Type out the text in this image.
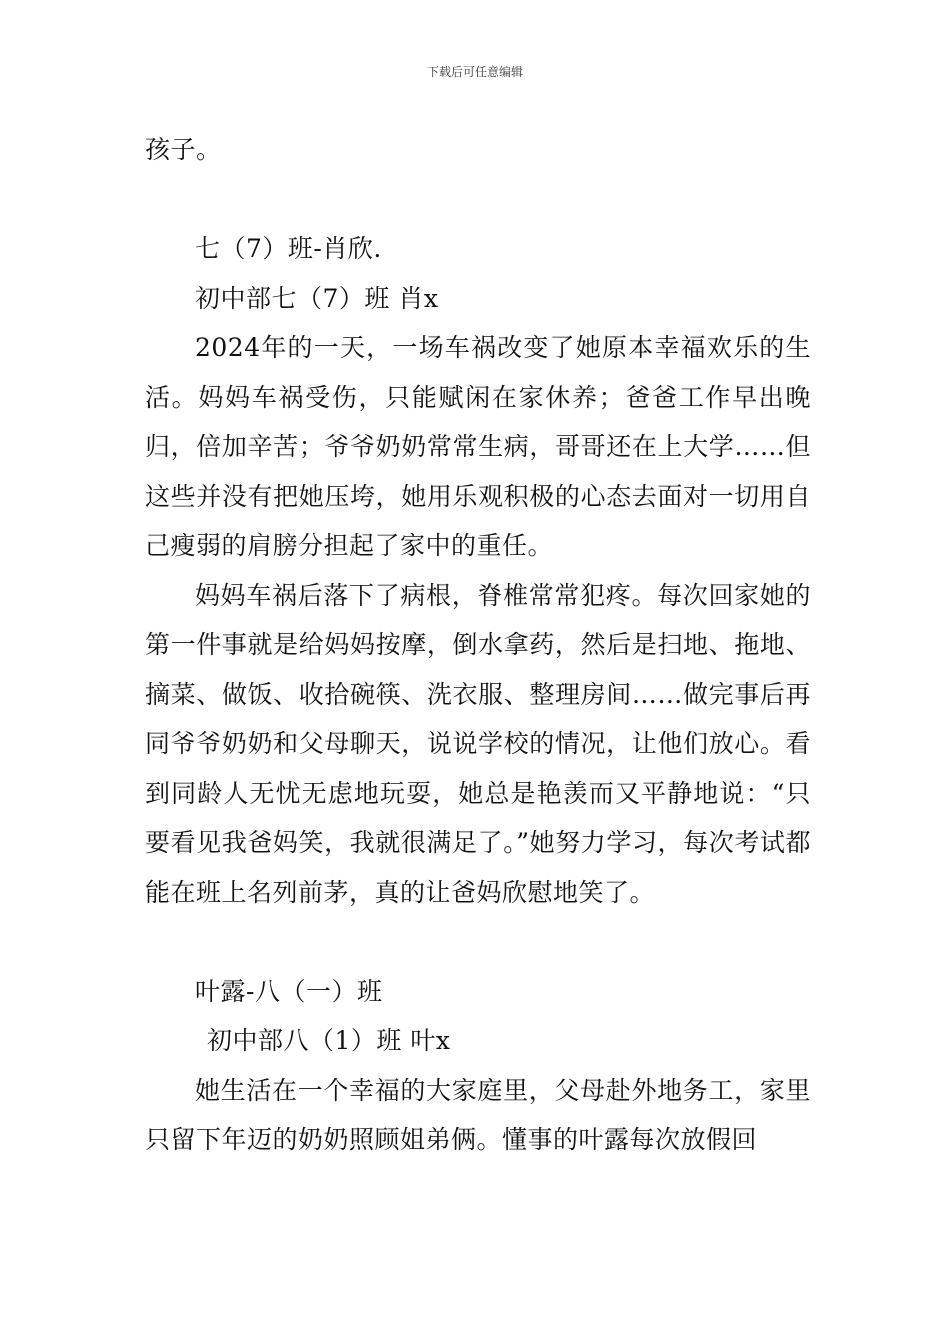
下载后可任意编辑

孩子。

七（7）班-肖欣.

初中部七（7）班 肖x

2024年的一天，一场车祸改变了她原本幸福欢乐的生活。妈妈车祸受伤，只能赋闲在家休养；爸爸工作早出晚归，倍加辛苦；爷爷奶奶常常生病，哥哥还在上大学……但这些并没有把她压垮，她用乐观积极的心态去面对一切用自己瘦弱的肩膀分担起了家中的重任。

妈妈车祸后落下了病根，脊椎常常犯疼。每次回家她的第一件事就是给妈妈按摩，倒水拿药，然后是扫地、拖地、摘菜、做饭、收拾碗筷、洗衣服、整理房间……做完事后再同爷爷奶奶和父母聊天，说说学校的情况，让他们放心。看到同龄人无忧无虑地玩耍，她总是艳羡而又平静地说：“只要看见我爸妈笑，我就很满足了。”她努力学习，每次考试都能在班上名列前茅，真的让爸妈欣慰地笑了。

叶露-八（一）班

初中部八（1）班 叶x

她生活在一个幸福的大家庭里，父母赴外地务工，家里只留下年迈的奶奶照顾姐弟俩。懂事的叶露每次放假回
